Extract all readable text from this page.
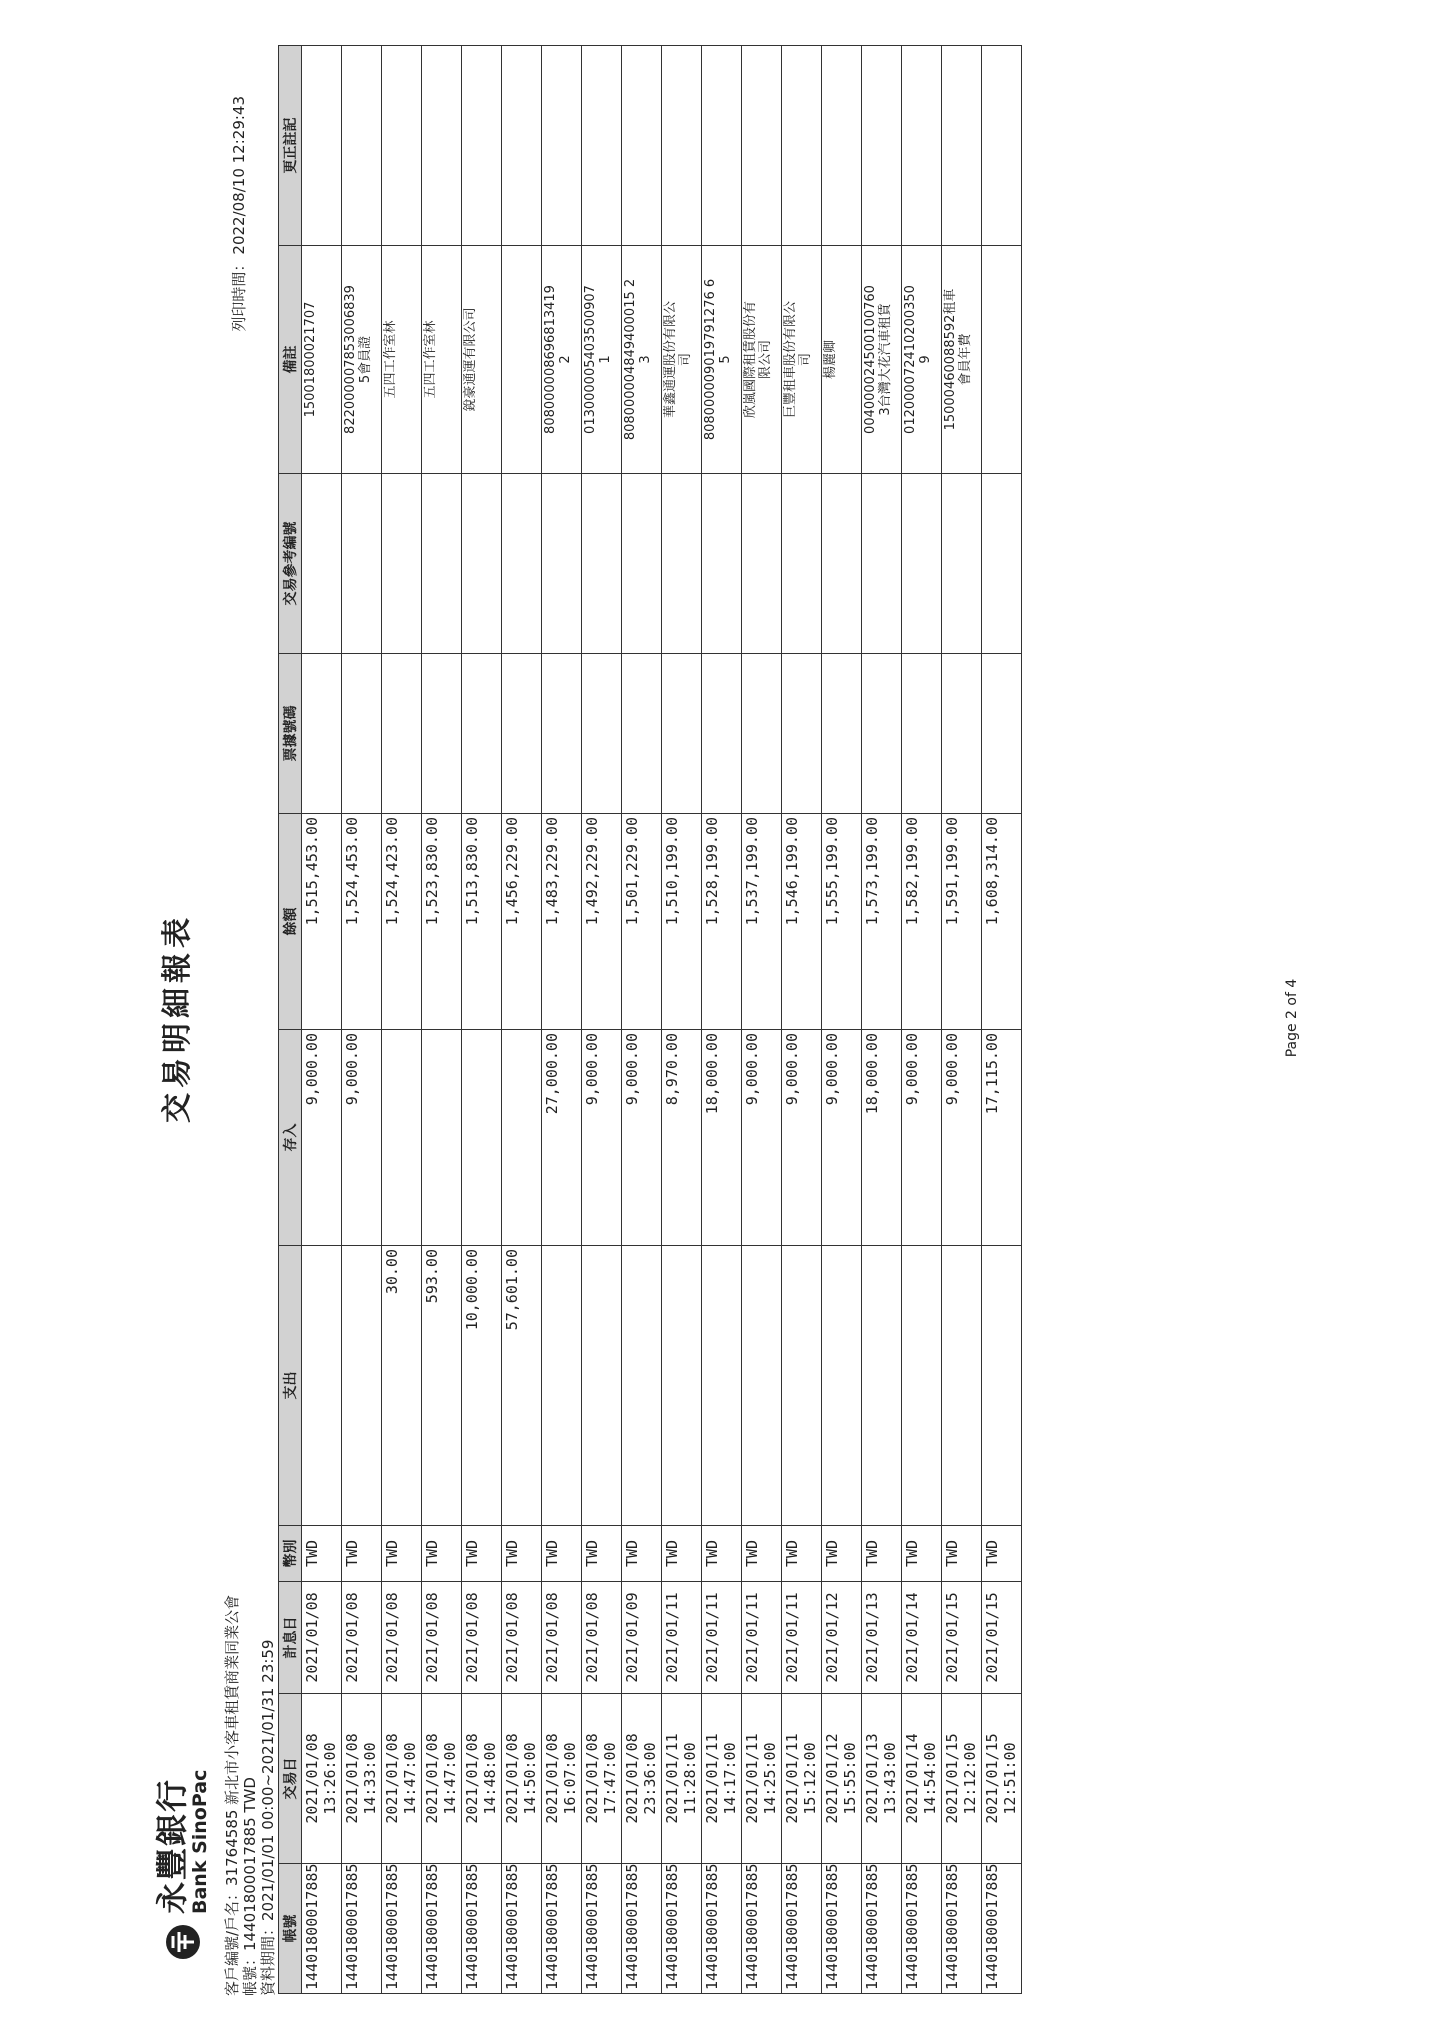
永豐銀行
Bank SinoPac
交易明細報表
客戶編號/戶名：31764585 新北市小客車租賃商業同業公會 帳號：14401800017885 TWD 資料期間：2021/01/01 00:00~2021/01/31 23:59
列印時間：2022/08/10 12:29:43
帳號	交易日	計息日	幣別	支出	存入	餘額	票據號碼	交易參考編號	備註	更正註記
14401800017885	2021/01/08 13:26:00	2021/01/08	TWD		9,000.00	1,515,453.00			15001800021707	
14401800017885	2021/01/08 14:33:00	2021/01/08	TWD		9,000.00	1,524,453.00			822000007853006839
5會員證	
14401800017885	2021/01/08 14:47:00	2021/01/08	TWD	30.00		1,524,423.00			五四工作室林	
14401800017885	2021/01/08 14:47:00	2021/01/08	TWD	593.00		1,523,830.00			五四工作室林	
14401800017885	2021/01/08 14:48:00	2021/01/08	TWD	10,000.00		1,513,830.00			銳豪通運有限公司	
14401800017885	2021/01/08 14:50:00	2021/01/08	TWD	57,601.00		1,456,229.00				
14401800017885	2021/01/08 16:07:00	2021/01/08	TWD		27,000.00	1,483,229.00			808000008696813419
2	
14401800017885	2021/01/08 17:47:00	2021/01/08	TWD		9,000.00	1,492,229.00			013000005403500907
1	
14401800017885	2021/01/08 23:36:00	2021/01/09	TWD		9,000.00	1,501,229.00			808000004849400015 2
3	
14401800017885	2021/01/11 11:28:00	2021/01/11	TWD		8,970.00	1,510,199.00			華鑫通運股份有限公
司	
14401800017885	2021/01/11 14:17:00	2021/01/11	TWD		18,000.00	1,528,199.00			808000009019791276 6
5	
14401800017885	2021/01/11 14:25:00	2021/01/11	TWD		9,000.00	1,537,199.00			欣嵐國際租賃股份有
限公司	
14401800017885	2021/01/11 15:12:00	2021/01/11	TWD		9,000.00	1,546,199.00			巨豐租車股份有限公
司	
14401800017885	2021/01/12 15:55:00	2021/01/12	TWD		9,000.00	1,555,199.00			楊麗卿	
14401800017885	2021/01/13 13:43:00	2021/01/13	TWD		18,000.00	1,573,199.00			004000024500100760
3台灣大花汽車租賃	
14401800017885	2021/01/14 14:54:00	2021/01/14	TWD		9,000.00	1,582,199.00			012000072410200350
9	
14401800017885	2021/01/15 12:12:00	2021/01/15	TWD		9,000.00	1,591,199.00			15000460088592租車
會員年費	
14401800017885	2021/01/15 12:51:00	2021/01/15	TWD		17,115.00	1,608,314.00				
Page 2 of 4
